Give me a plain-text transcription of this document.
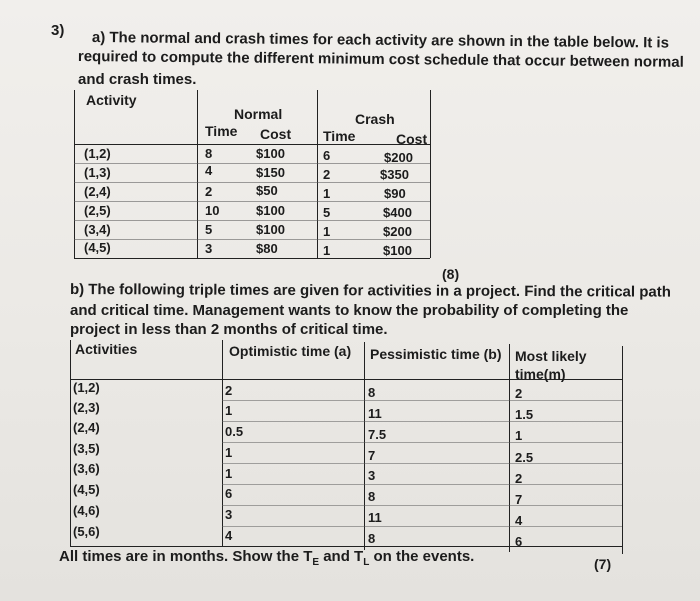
3) a) The normal and crash times for each activity are shown in the table below. It is
required to compute the different minimum cost schedule that occur between normal
and crash times.
Activity
Normal	Crash
Time Cost Time	Cost
(1,2)	8	$100	6	$200
(1,3)	4	$150	2	$350
(2,4)	2	$50	1	$90
(2,5)	10	$100	5	$400
(3,4)	5	$100	1	$200
(4,5)	3	$80	1	$100
(8)
b) The following triple times are given for activities in a project. Find the critical path
and critical time. Management wants to know the probability of completing the
project in less than 2 months of critical time.
Activities	Optimistic time (a) Pessimistic time (b) Most likely
time(m)
(1,2)	2	8	2
(2,3)	1	11	1.5
(2,4)	0.5	7.5	1
(3,5)	1	7	2.5
(3,6)	1	3	2
(4,5)	6	8	7
(4,6)	3	11	4
(5,6)	4	8	6
All times are in months. Show the $T_E$ and $T_L$ on the events.	(7)
